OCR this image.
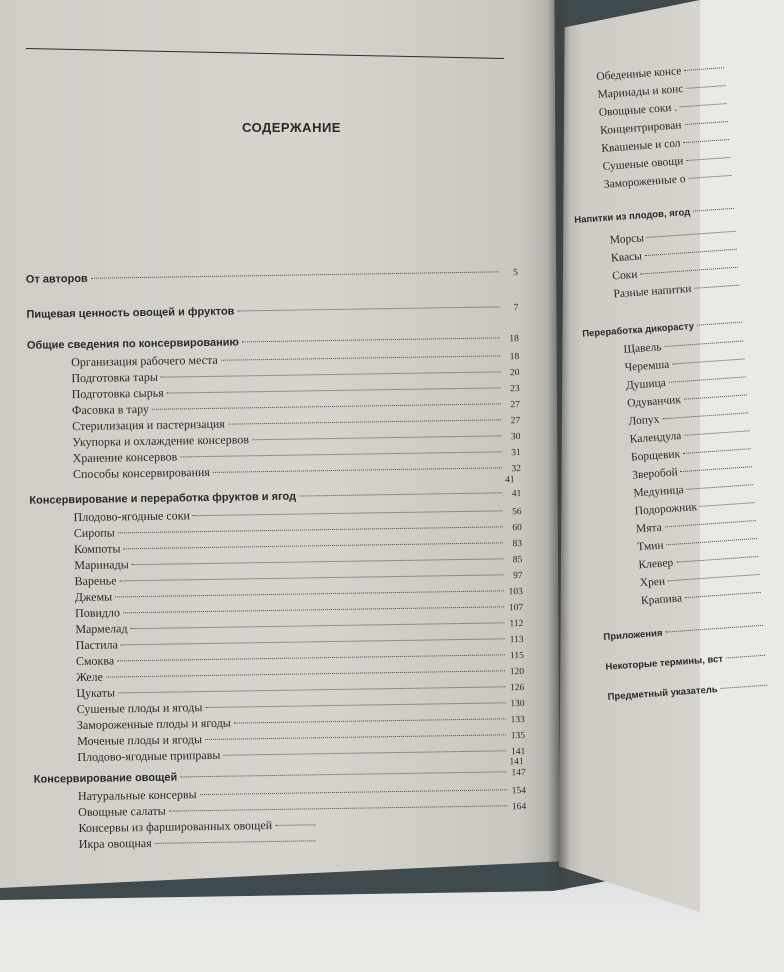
СОДЕРЖАНИЕ
От авторов	5
Пищевая ценность овощей и фруктов	7
Общие сведения по консервированию	18
Организация рабочего места	18
Подготовка тары	20
Подготовка сырья	23
Фасовка в тару	27
Стерилизация и пастеризация	27
Укупорка и охлаждение консервов	30
Хранение консервов	31
Способы консервирования	32
41
Консервирование и переработка фруктов и ягод	41
Плодово-ягодные соки	56
Сиропы	60
Компоты	83
Маринады	85
Варенье	97
Джемы	103
Повидло	107
Мармелад	112
Пастила	113
Смоква	115
Желе	120
Цукаты	126
Сушеные плоды и ягоды	130
Замороженные плоды и ягоды	133
Моченые плоды и ягоды	135
Плодово-ягодные приправы	141
141
Консервирование овощей	147
Натуральные консервы	154
Овощные салаты	164
Консервы из фаршированных овощей
Икра овощная
Обеденные консе
Маринады и конс
Овощные соки .
Концентрирован
Квашеные и сол
Сушеные овощи
Замороженные о
Напитки из плодов, ягод
Морсы
Квасы
Соки
Разные напитки
Переработка дикорасту
Щавель
Черемша
Душица
Одуванчик
Лопух
Календула
Борщевик
Зверобой
Медуница
Подорожник
Мята
Тмин
Клевер
Хрен
Крапива
Приложения
Некоторые термины, вст
Предметный указатель
